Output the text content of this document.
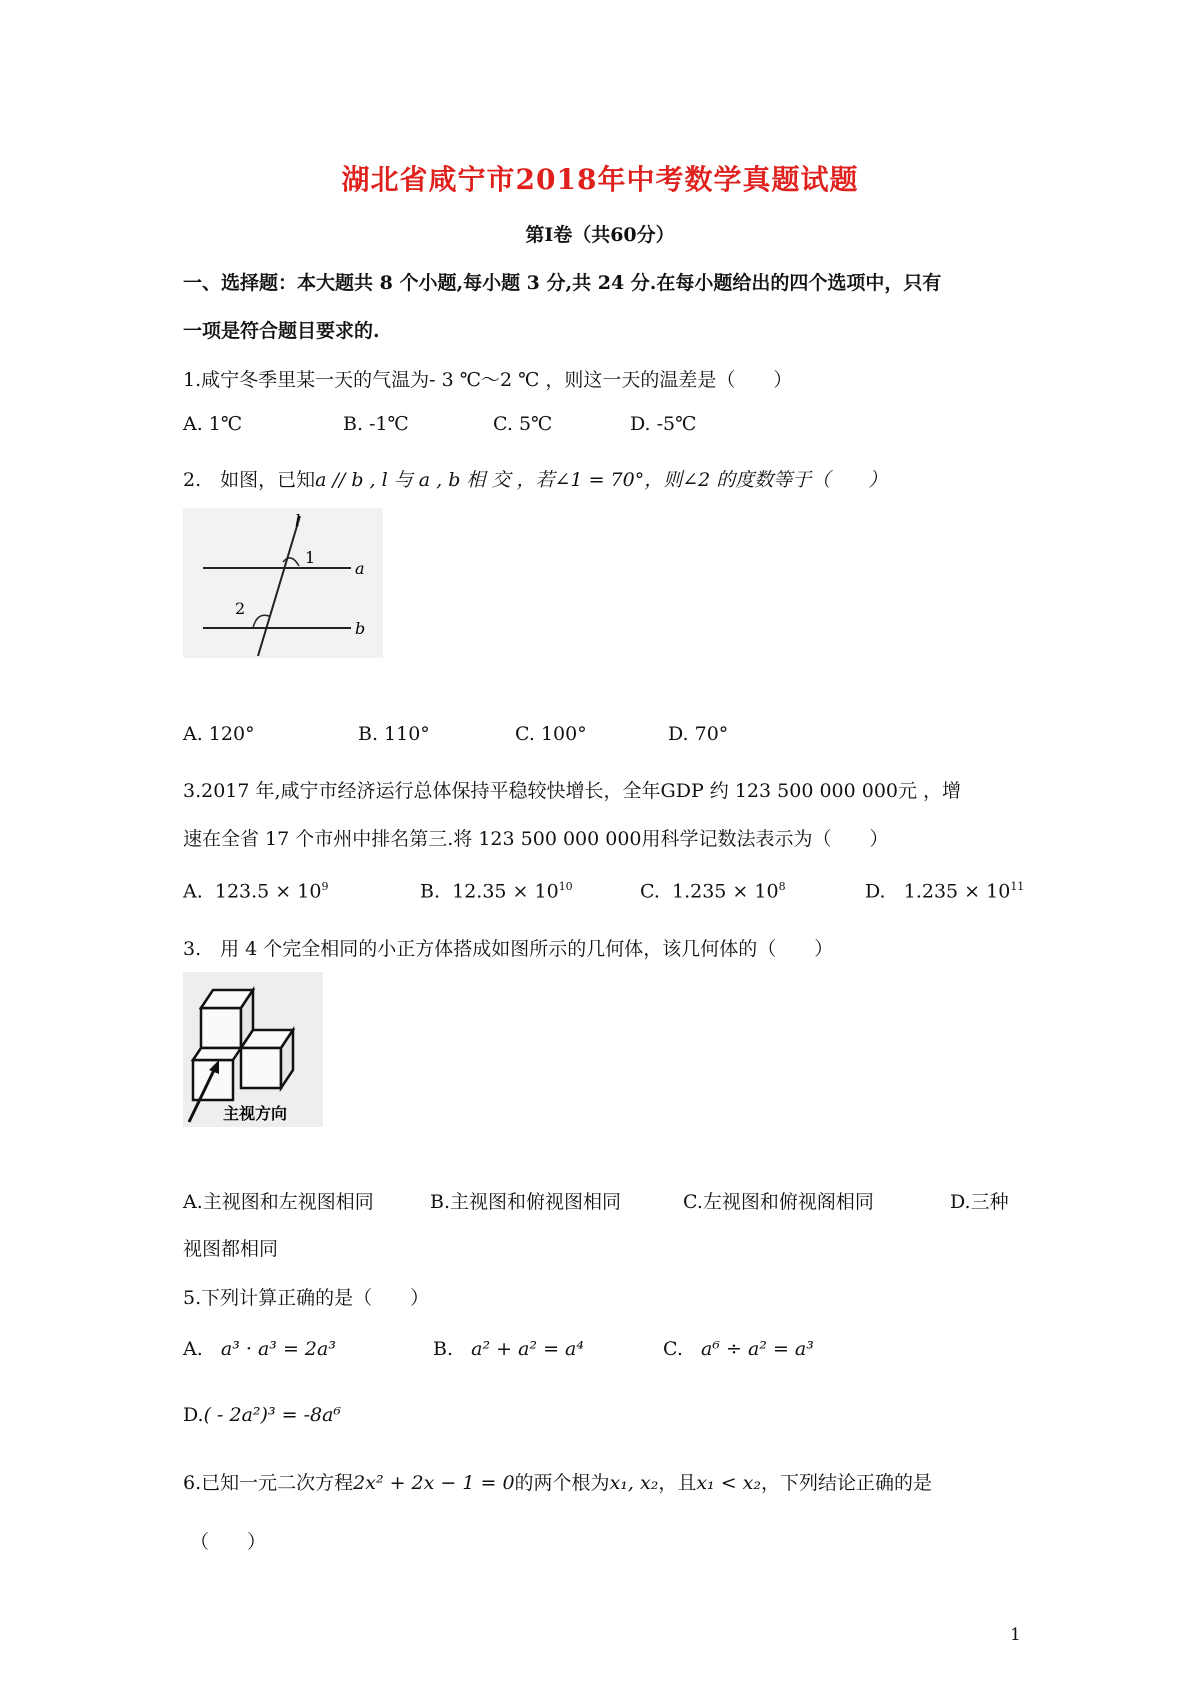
湖北省咸宁市2018年中考数学真题试题
第Ⅰ卷（共60分）
一、选择题：本大题共 8 个小题,每小题 3 分,共 24 分.在每小题给出的四个选项中，只有
一项是符合题目要求的.
1.咸宁冬季里某一天的气温为- 3 ℃～2 ℃ ，则这一天的温差是（　　）
A. 1℃	B. -1℃	C. 5℃	D. -5℃
2.　如图，已知a // b , l 与 a , b 相 交 ，若∠1 = 70°，则∠2 的度数等于（　　）
l
1
a
2
b
A. 120°	B. 110°	C. 100°	D. 70°
3.2017 年,咸宁市经济运行总体保持平稳较快增长，全年GDP 约 123 500 000 000元 ，增
速在全省 17 个市州中排名第三.将 123 500 000 000用科学记数法表示为（　　）
A. $123.5 \times 10^9$	B. $12.35 \times 10^{10}$	C. $1.235 \times 10^8$	D. $1.235 \times 10^{11}$
3.　用 4 个完全相同的小正方体搭成如图所示的几何体，该几何体的（　　）
主视方向
A.主视图和左视图相同	B.主视图和俯视图相同	C.左视图和俯视阁相同	D.三种
视图都相同
5.下列计算正确的是（　　）
A. a³ · a³ = 2a³	B. a² + a² = a⁴	C. a⁶ ÷ a² = a³
D.( - 2a²)³ = -8a⁶
6.已知一元二次方程2x² + 2x − 1 = 0的两个根为x₁, x₂，且x₁ < x₂，下列结论正确的是
（　　）
1
